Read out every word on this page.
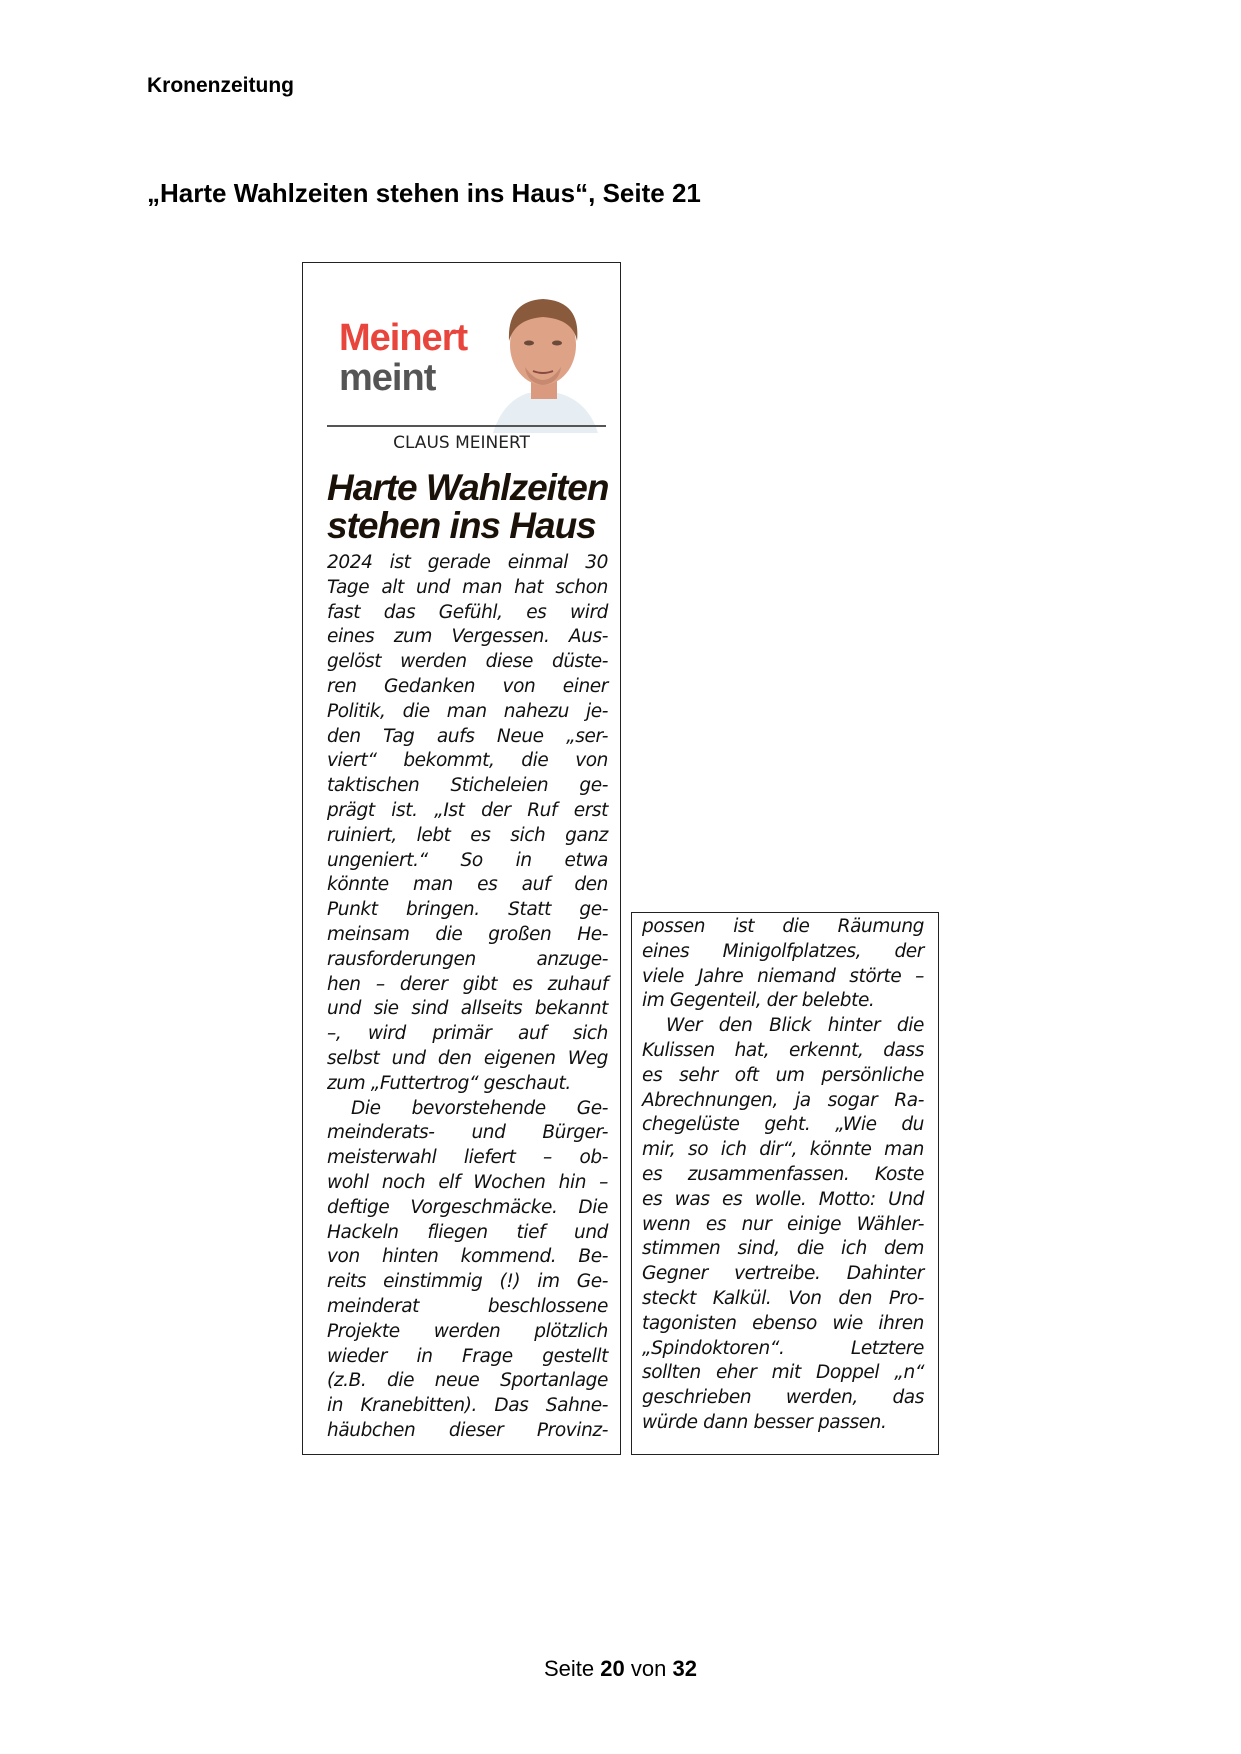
Kronenzeitung
„Harte Wahlzeiten stehen ins Haus“, Seite 21
Meinert
meint
CLAUS MEINERT
Harte Wahlzeiten
stehen ins Haus
2024 ist gerade einmal 30
Tage alt und man hat schon
fast das Gefühl, es wird
eines zum Vergessen. Aus-
gelöst werden diese düste-
ren Gedanken von einer
Politik, die man nahezu je-
den Tag aufs Neue „ser-
viert“ bekommt, die von
taktischen Sticheleien ge-
prägt ist. „Ist der Ruf erst
ruiniert, lebt es sich ganz
ungeniert.“ So in etwa
könnte man es auf den
Punkt bringen. Statt ge-
meinsam die großen He-
rausforderungen anzuge-
hen – derer gibt es zuhauf
und sie sind allseits bekannt
–, wird primär auf sich
selbst und den eigenen Weg
zum „Futtertrog“ geschaut.
Die bevorstehende Ge-
meinderats- und Bürger-
meisterwahl liefert – ob-
wohl noch elf Wochen hin –
deftige Vorgeschmäcke. Die
Hackeln fliegen tief und
von hinten kommend. Be-
reits einstimmig (!) im Ge-
meinderat beschlossene
Projekte werden plötzlich
wieder in Frage gestellt
(z.B. die neue Sportanlage
in Kranebitten). Das Sahne-
häubchen dieser Provinz-
possen ist die Räumung
eines Minigolfplatzes, der
viele Jahre niemand störte –
im Gegenteil, der belebte.
Wer den Blick hinter die
Kulissen hat, erkennt, dass
es sehr oft um persönliche
Abrechnungen, ja sogar Ra-
chegelüste geht. „Wie du
mir, so ich dir“, könnte man
es zusammenfassen. Koste
es was es wolle. Motto: Und
wenn es nur einige Wähler-
stimmen sind, die ich dem
Gegner vertreibe. Dahinter
steckt Kalkül. Von den Pro-
tagonisten ebenso wie ihren
„Spindoktoren“. Letztere
sollten eher mit Doppel „n“
geschrieben werden, das
würde dann besser passen.
Seite 20 von 32
